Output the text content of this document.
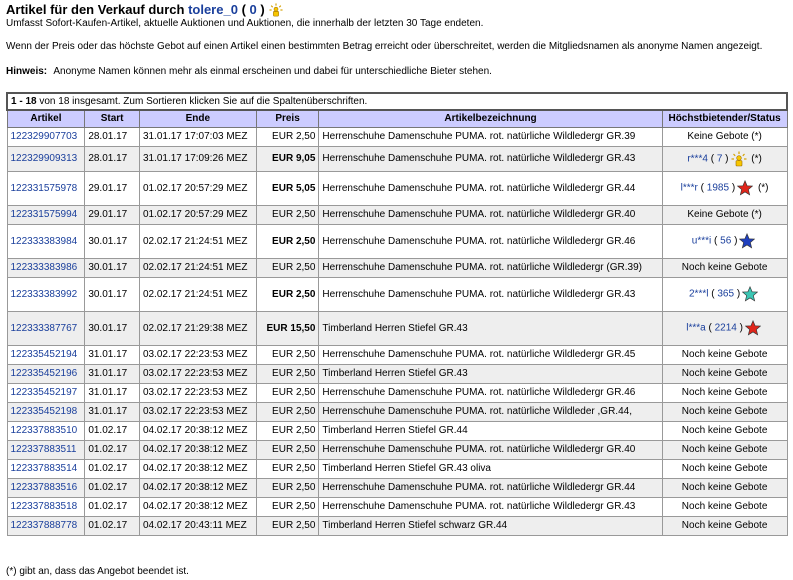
Artikel für den Verkauf durch tolere_0 ( 0 )
Umfasst Sofort-Kaufen-Artikel, aktuelle Auktionen und Auktionen, die innerhalb der letzten 30 Tage endeten.
Wenn der Preis oder das höchste Gebot auf einen Artikel einen bestimmten Betrag erreicht oder überschreitet, werden die Mitgliedsnamen als anonyme Namen angezeigt.
Hinweis: Anonyme Namen können mehr als einmal erscheinen und dabei für unterschiedliche Bieter stehen.
1 - 18 von 18 insgesamt. Zum Sortieren klicken Sie auf die Spaltenüberschriften.					
Artikel	Start	Ende	Preis	Artikelbezeichnung	Höchstbietender/Status
122329907703	28.01.17	31.01.17 17:07:03 MEZ	EUR 2,50	Herrenschuhe Damenschuhe PUMA. rot. natürliche Wildledergr GR.39	Keine Gebote (*)
122329909313	28.01.17	31.01.17 17:09:26 MEZ	EUR 9,05	Herrenschuhe Damenschuhe PUMA. rot. natürliche Wildledergr GR.43	r***4 ( 7 ) (*)
122331575978	29.01.17	01.02.17 20:57:29 MEZ	EUR 5,05	Herrenschuhe Damenschuhe PUMA. rot. natürliche Wildledergr GR.44	l***r ( 1985 ) (*)
122331575994	29.01.17	01.02.17 20:57:29 MEZ	EUR 2,50	Herrenschuhe Damenschuhe PUMA. rot. natürliche Wildledergr GR.40	Keine Gebote (*)
122333383984	30.01.17	02.02.17 21:24:51 MEZ	EUR 2,50	Herrenschuhe Damenschuhe PUMA. rot. natürliche Wildledergr GR.46	u***i ( 56 )
122333383986	30.01.17	02.02.17 21:24:51 MEZ	EUR 2,50	Herrenschuhe Damenschuhe PUMA. rot. natürliche Wildledergr (GR.39)	Noch keine Gebote
122333383992	30.01.17	02.02.17 21:24:51 MEZ	EUR 2,50	Herrenschuhe Damenschuhe PUMA. rot. natürliche Wildledergr GR.43	2***l ( 365 )
122333387767	30.01.17	02.02.17 21:29:38 MEZ	EUR 15,50	Timberland Herren Stiefel GR.43	l***a ( 2214 )
122335452194	31.01.17	03.02.17 22:23:53 MEZ	EUR 2,50	Herrenschuhe Damenschuhe PUMA. rot. natürliche Wildledergr GR.45	Noch keine Gebote
122335452196	31.01.17	03.02.17 22:23:53 MEZ	EUR 2,50	Timberland Herren Stiefel GR.43	Noch keine Gebote
122335452197	31.01.17	03.02.17 22:23:53 MEZ	EUR 2,50	Herrenschuhe Damenschuhe PUMA. rot. natürliche Wildledergr GR.46	Noch keine Gebote
122335452198	31.01.17	03.02.17 22:23:53 MEZ	EUR 2,50	Herrenschuhe Damenschuhe PUMA. rot. natürliche Wildleder ,GR.44,	Noch keine Gebote
122337883510	01.02.17	04.02.17 20:38:12 MEZ	EUR 2,50	Timberland Herren Stiefel GR.44	Noch keine Gebote
122337883511	01.02.17	04.02.17 20:38:12 MEZ	EUR 2,50	Herrenschuhe Damenschuhe PUMA. rot. natürliche Wildledergr GR.40	Noch keine Gebote
122337883514	01.02.17	04.02.17 20:38:12 MEZ	EUR 2,50	Timberland Herren Stiefel GR.43 oliva	Noch keine Gebote
122337883516	01.02.17	04.02.17 20:38:12 MEZ	EUR 2,50	Herrenschuhe Damenschuhe PUMA. rot. natürliche Wildledergr GR.44	Noch keine Gebote
122337883518	01.02.17	04.02.17 20:38:12 MEZ	EUR 2,50	Herrenschuhe Damenschuhe PUMA. rot. natürliche Wildledergr GR.43	Noch keine Gebote
122337888778	01.02.17	04.02.17 20:43:11 MEZ	EUR 2,50	Timberland Herren Stiefel schwarz GR.44	Noch keine Gebote
(*) gibt an, dass das Angebot beendet ist.
